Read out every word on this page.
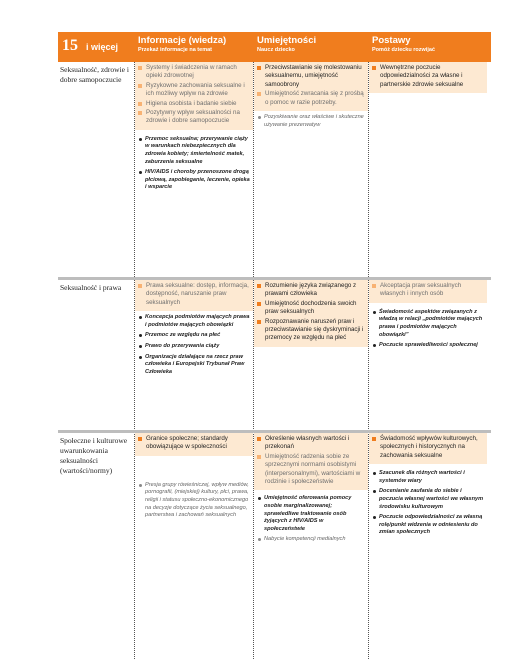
15 i więcej
Informacje (wiedza)
Przekaż informacje na temat
Umiejętności
Naucz dziecko
Postawy
Pomóż dziecku rozwijać
Seksualność, zdrowie i dobre samopoczucie
Systemy i świadczenia w ramach opieki zdrowotnej
Ryzykowne zachowania seksualne i ich możliwy wpływ na zdrowie
Higiena osobista i badanie siebie
Pozytywny wpływ seksualności na zdrowie i dobre samopoczucie
Przemoc seksualna; przerywanie ciąży w warunkach niebezpiecznych dla zdrowia kobiety; śmiertelność matek, zaburzenia seksualne
HIV/AIDS i choroby przenoszone drogą płciową, zapobieganie, leczenie, opieka i wsparcie
Przeciwstawianie się molestowaniu seksualnemu, umiejętność samoobrony
Umiejętność zwracania się z prośbą o pomoc w razie potrzeby.
Pozyskiwanie oraz właściwe i skuteczne używanie prezerwatyw
Wewnętrzne poczucie odpowiedzialności za własne i partnerskie zdrowie seksualne
Seksualność i prawa	Prawa seksualne: dostęp, informacja, dostępność, naruszanie praw seksualnych
Koncepcja podmiotów mających prawa i podmiotów mających obowiązki
Przemoc ze względu na płeć
Prawo do przerywania ciąży
Organizacje działające na rzecz praw człowieka i Europejski Trybunał Praw Człowieka
Rozumienie języka związanego z prawami człowieka
Umiejętność dochodzenia swoich praw seksualnych
Rozpoznawanie naruszeń praw i przeciwstawianie się dyskryminacji i przemocy ze względu na płeć
Akceptacja praw seksualnych własnych i innych osób
Świadomość aspektów związanych z władzą w relacji „podmiotów mających prawa i podmiotów mających obowiązki”
Poczucie sprawiedliwości społecznej
Społeczne i kulturowe uwarunkowania seksualności (wartości/normy)
Granice społeczne; standardy obowiązujące w społeczności
Presja grupy rówieśniczej, wpływ mediów, pornografii, (miejskiej) kultury, płci, prawa, religii i statusu społeczno-ekonomicznego na decyzje dotyczące życia seksualnego, partnerstwa i zachowań seksualnych
Określenie własnych wartości i przekonań
Umiejętność radzenia sobie ze sprzecznymi normami osobistymi (interpersonalnymi), wartościami w rodzinie i społeczeństwie
Umiejętność oferowania pomocy osobie marginalizowanej; sprawiedliwe traktowanie osób żyjących z HIV/AIDS w społeczeństwie
Nabycie kompetencji medialnych
Świadomość wpływów kulturowych, społecznych i historycznych na zachowania seksualne
Szacunek dla różnych wartości i systemów wiary
Docenianie zaufania do siebie i poczucia własnej wartości we własnym środowisku kulturowym
Poczucie odpowiedzialności za własną rolę/punkt widzenia w odniesieniu do zmian społecznych
